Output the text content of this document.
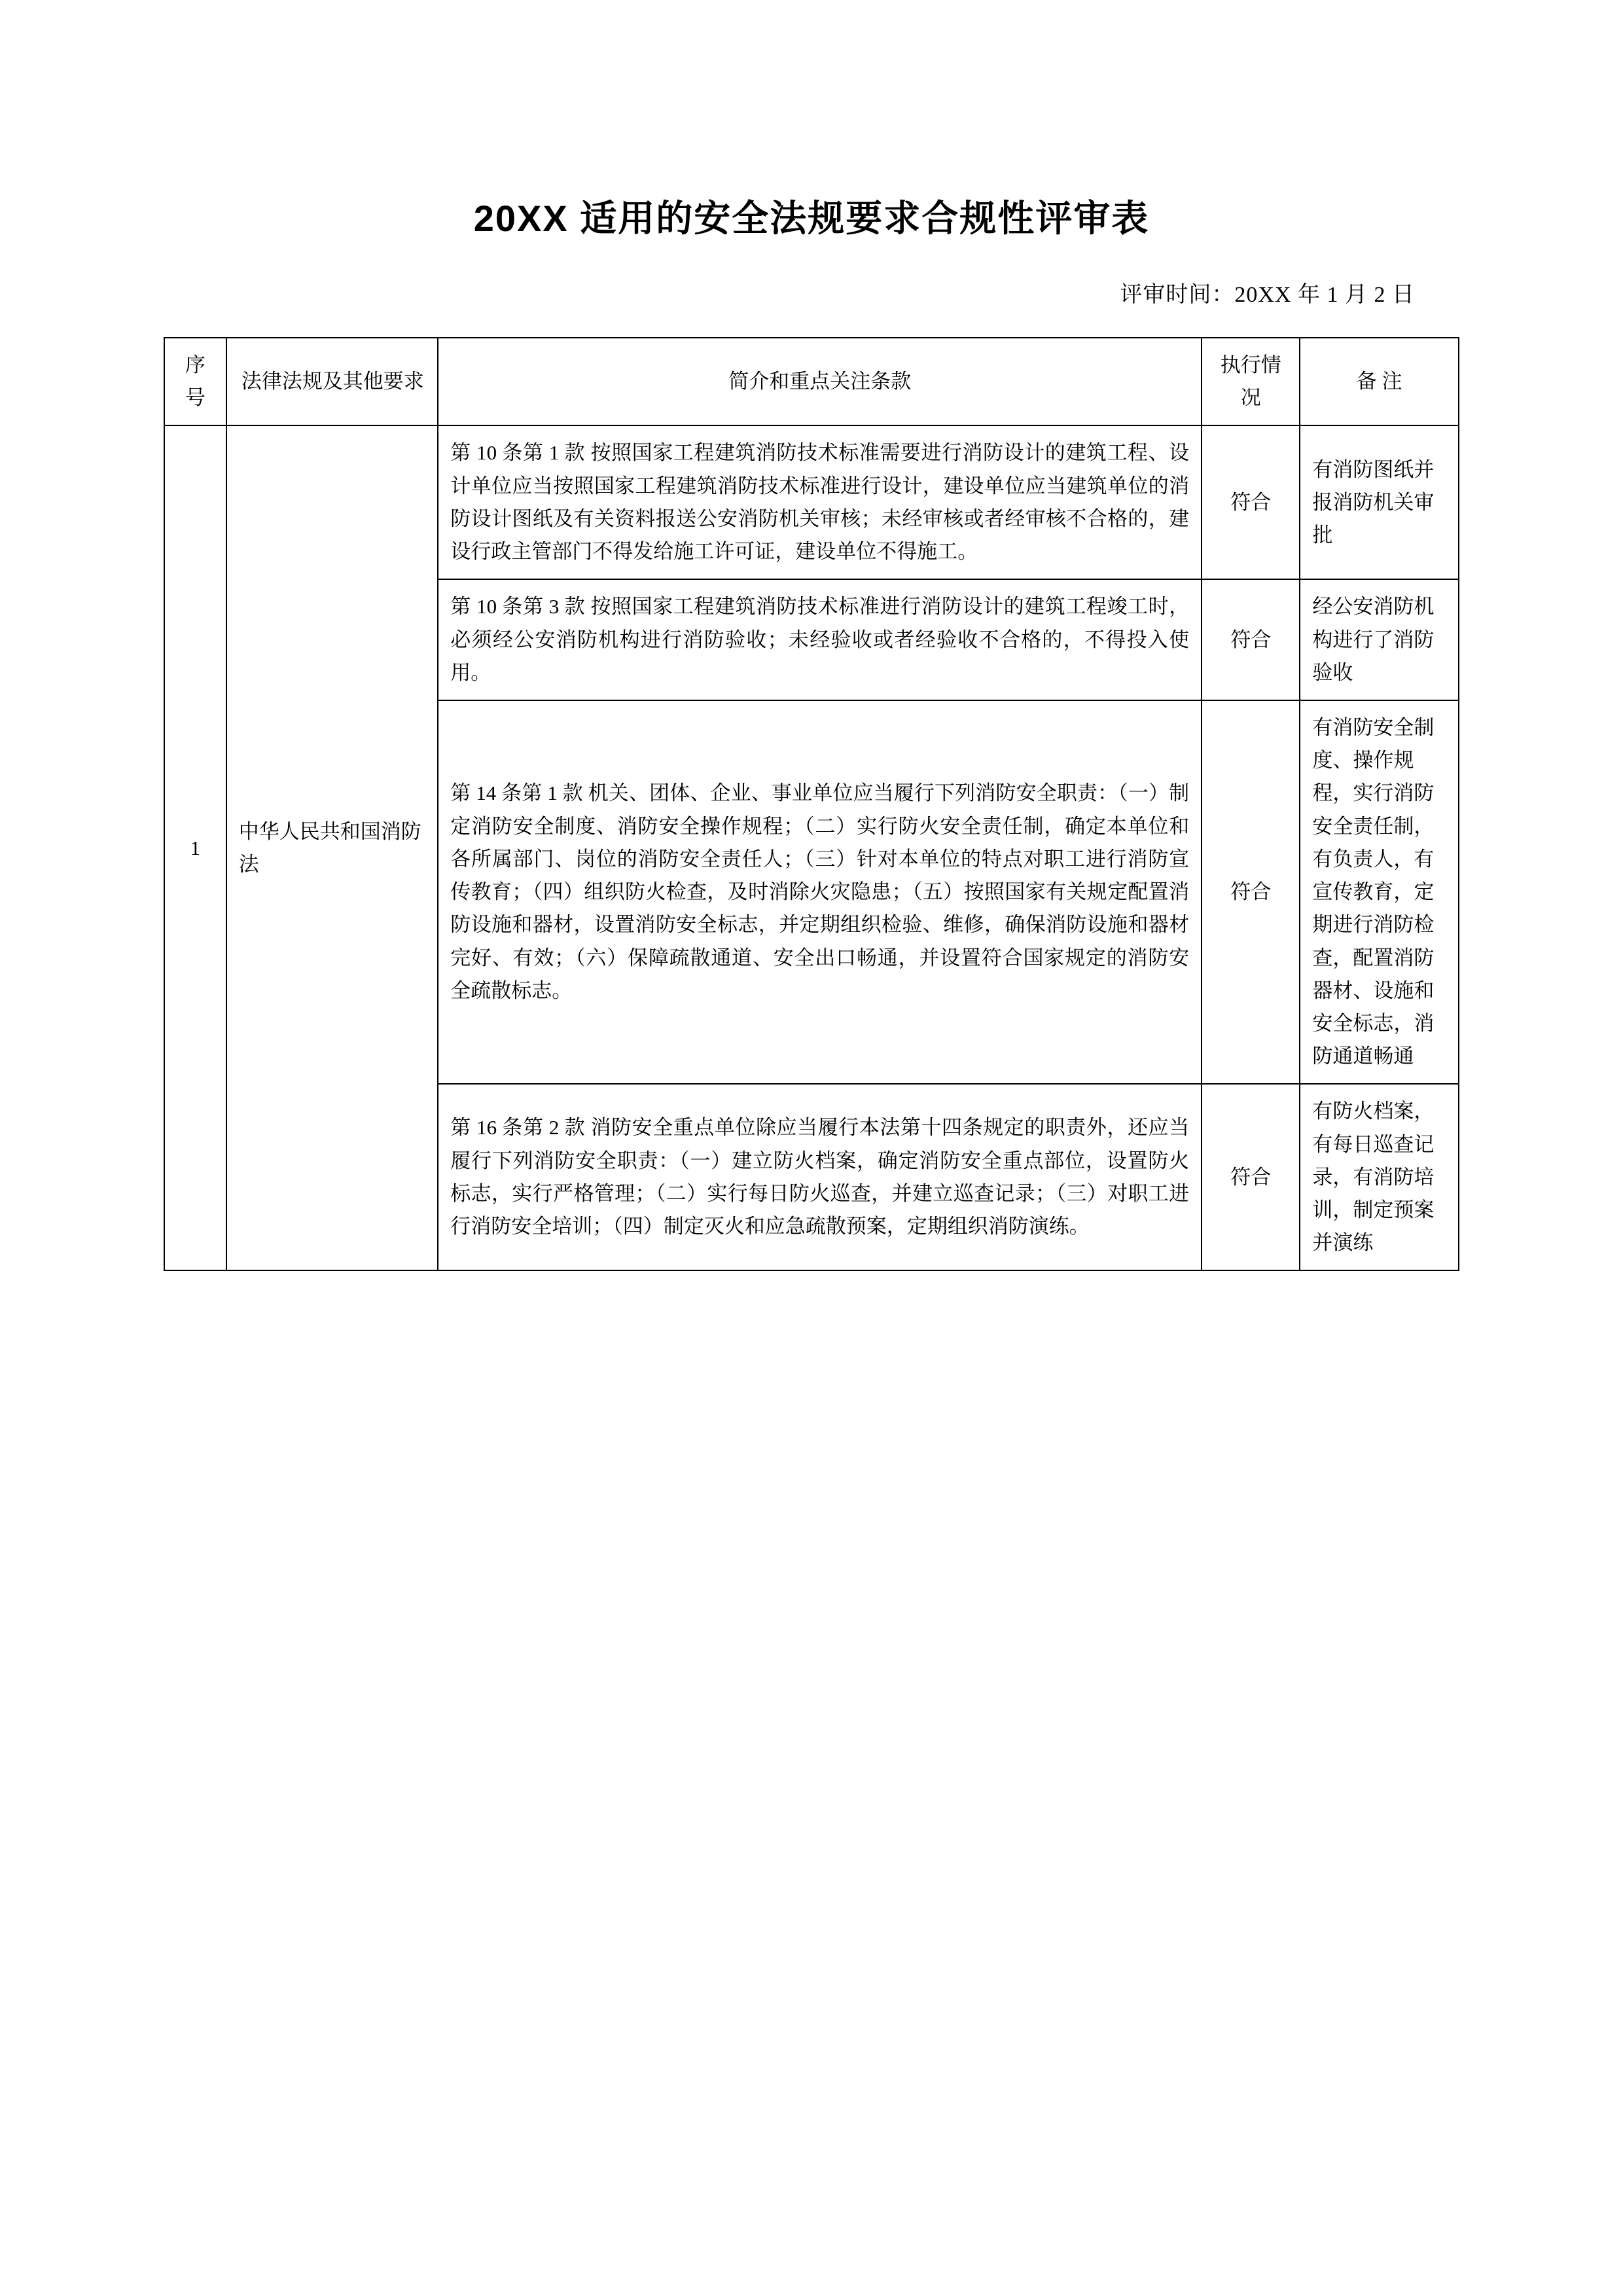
20XX 适用的安全法规要求合规性评审表
评审时间：20XX 年 1 月 2 日
序号	法律法规及其他要求	简介和重点关注条款	执行情况	备 注
1	中华人民共和国消防法	第 10 条第 1 款 按照国家工程建筑消防技术标准需要进行消防设计的建筑工程、设计单位应当按照国家工程建筑消防技术标准进行设计，建设单位应当建筑单位的消防设计图纸及有关资料报送公安消防机关审核；未经审核或者经审核不合格的，建设行政主管部门不得发给施工许可证，建设单位不得施工。	符合	有消防图纸并报消防机关审批
		第 10 条第 3 款 按照国家工程建筑消防技术标准进行消防设计的建筑工程竣工时，必须经公安消防机构进行消防验收；未经验收或者经验收不合格的，不得投入使用。	符合	经公安消防机构进行了消防验收
		第 14 条第 1 款 机关、团体、企业、事业单位应当履行下列消防安全职责：（一）制定消防安全制度、消防安全操作规程；（二）实行防火安全责任制，确定本单位和各所属部门、岗位的消防安全责任人；（三）针对本单位的特点对职工进行消防宣传教育；（四）组织防火检查，及时消除火灾隐患；（五）按照国家有关规定配置消防设施和器材，设置消防安全标志，并定期组织检验、维修，确保消防设施和器材完好、有效；（六）保障疏散通道、安全出口畅通，并设置符合国家规定的消防安全疏散标志。	符合	有消防安全制度、操作规程，实行消防安全责任制，有负责人，有宣传教育，定期进行消防检查，配置消防器材、设施和安全标志，消防通道畅通
		第 16 条第 2 款 消防安全重点单位除应当履行本法第十四条规定的职责外，还应当履行下列消防安全职责：（一）建立防火档案，确定消防安全重点部位，设置防火标志，实行严格管理；（二）实行每日防火巡查，并建立巡查记录；（三）对职工进行消防安全培训；（四）制定灭火和应急疏散预案，定期组织消防演练。	符合	有防火档案，有每日巡查记录，有消防培训，制定预案并演练
